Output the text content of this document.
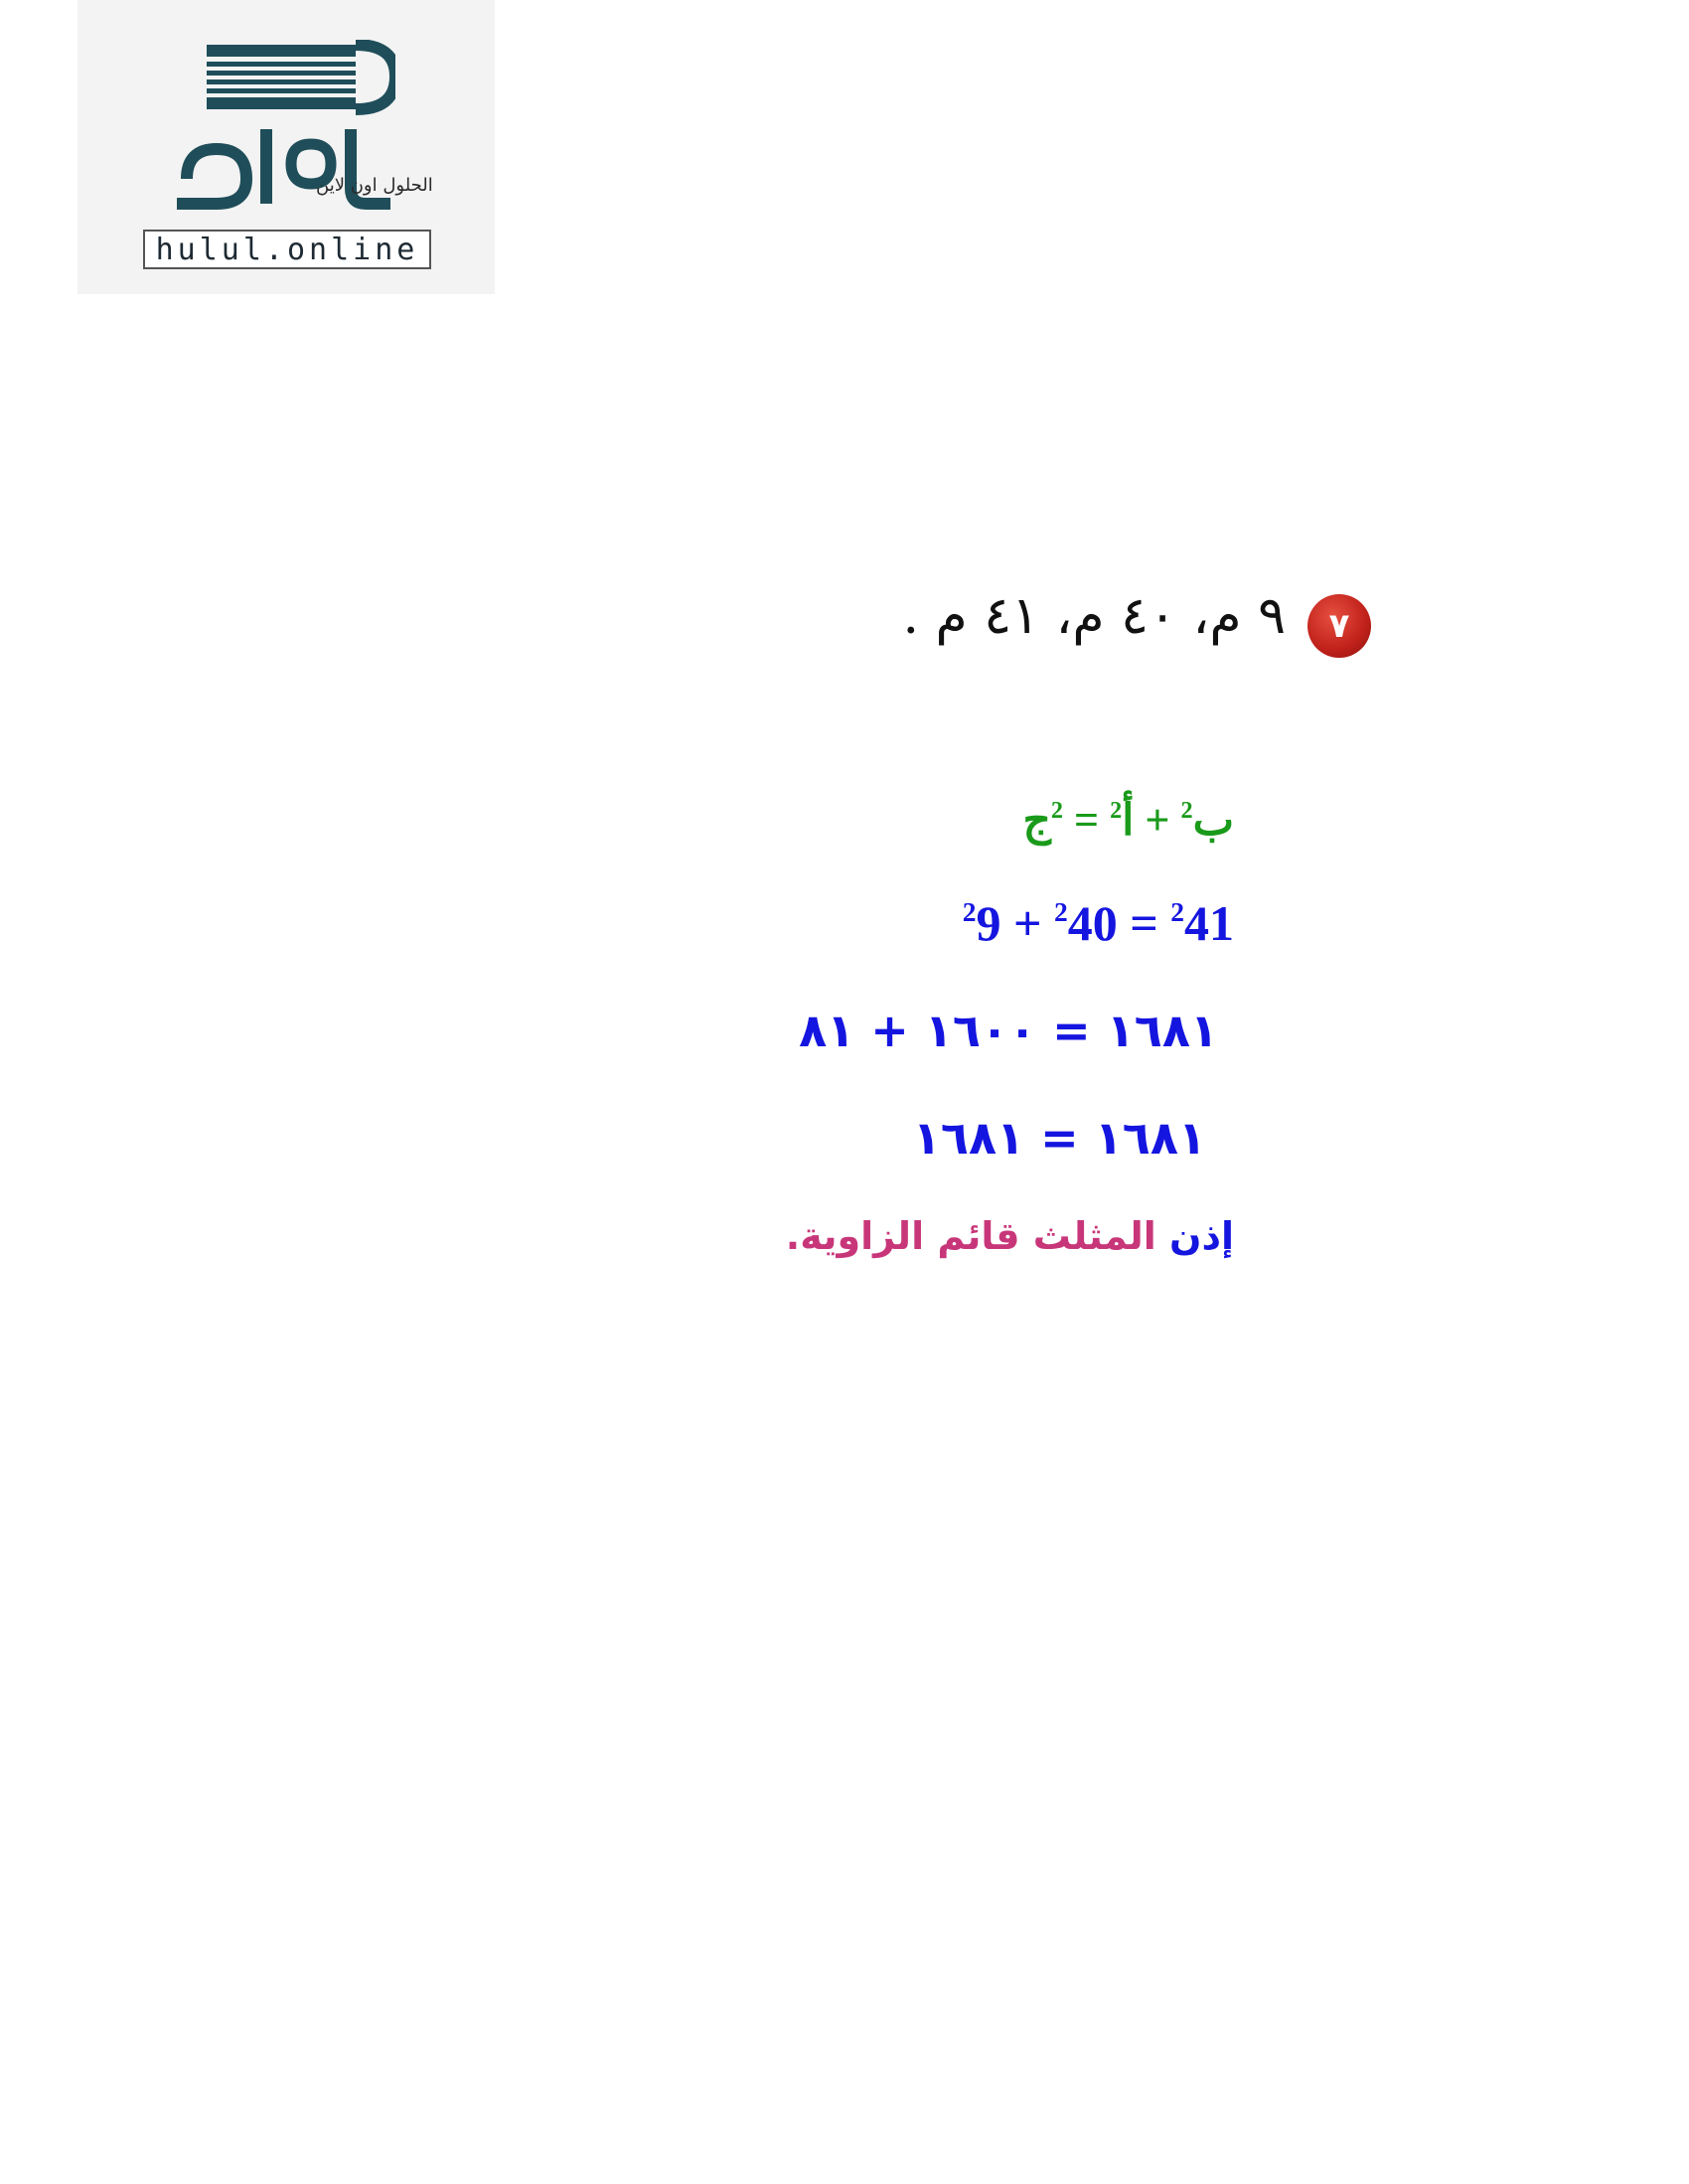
الحلول اون لاين
hulul.online
٧
٩ م، ٤٠ م، ٤١ م .
ب$^2$ + أ$^2$ = $^2$ج
$^2$9 + $^2$40 = $^2$41
١٦٨١ = ١٦٠٠ + ٨١
١٦٨١ = ١٦٨١
إذن المثلث قائم الزاوية.
